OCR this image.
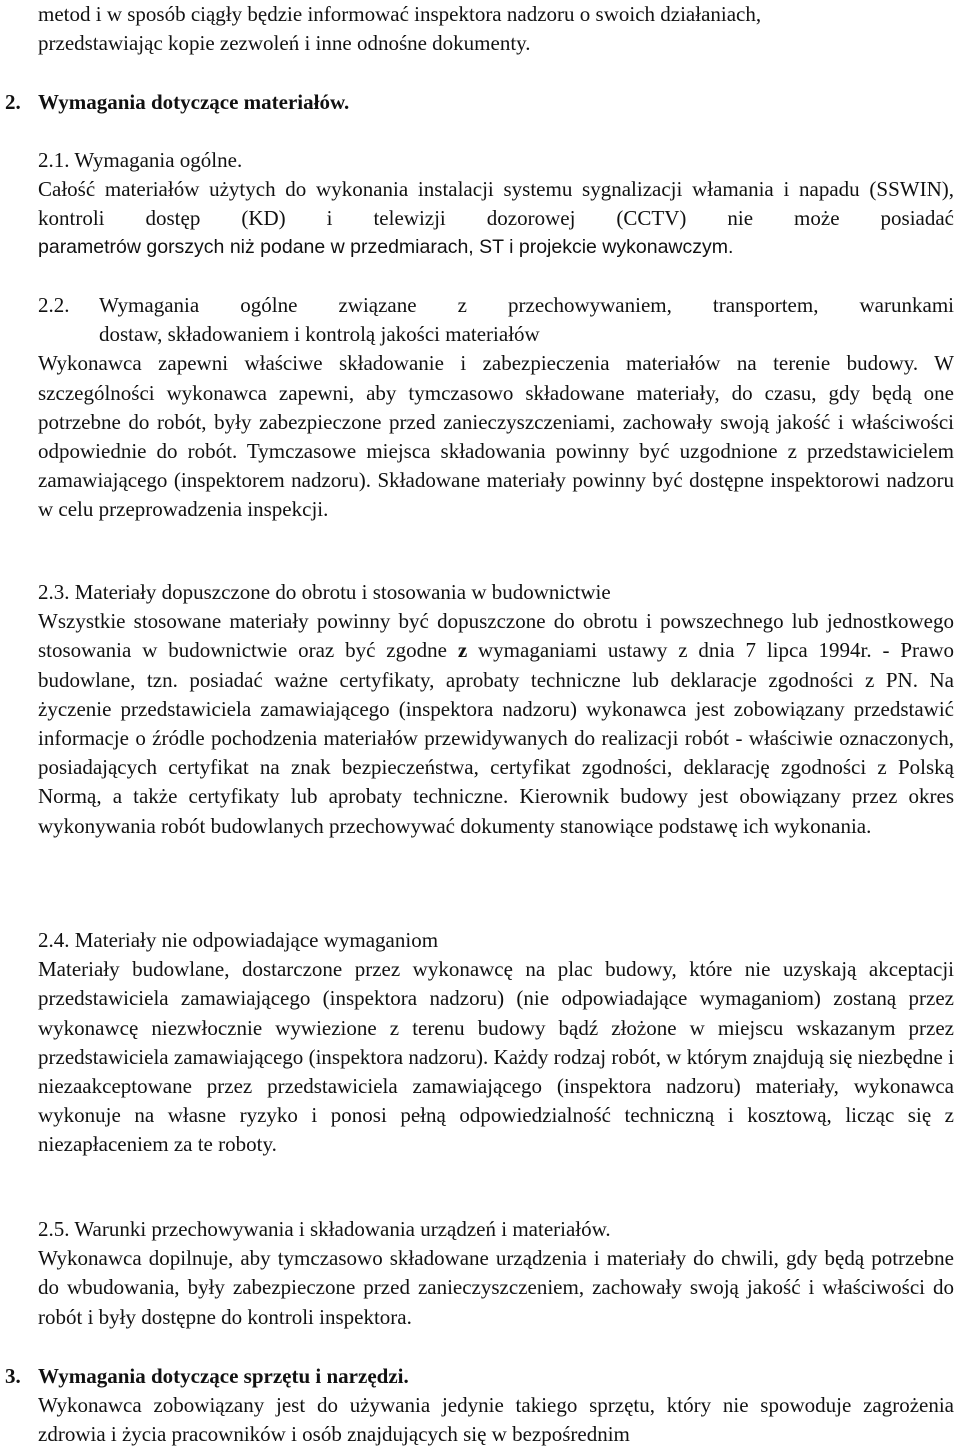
metod i w sposób ciągły będzie informować inspektora nadzoru o swoich działaniach,

przedstawiając kopie zezwoleń i inne odnośne dokumenty.

2. Wymagania dotyczące materiałów.

2.1. Wymagania ogólne.

Całość materiałów użytych do wykonania instalacji systemu sygnalizacji włamania i napadu (SSWIN), kontroli dostęp (KD) i telewizji dozorowej (CCTV) nie może posiadać

parametrów gorszych niż podane w przedmiarach, ST i projekcie wykonawczym.

2.2. Wymagania ogólne związane z przechowywaniem, transportem, warunkami

dostaw, składowaniem i kontrolą jakości materiałów

Wykonawca zapewni właściwe składowanie i zabezpieczenia materiałów na terenie budowy. W szczególności wykonawca zapewni, aby tymczasowo składowane materiały, do czasu, gdy będą one potrzebne do robót, były zabezpieczone przed zanieczyszczeniami, zachowały swoją jakość i właściwości odpowiednie do robót. Tymczasowe miejsca składowania powinny być uzgodnione z przedstawicielem zamawiającego (inspektorem nadzoru). Składowane materiały powinny być dostępne inspektorowi nadzoru w celu przeprowadzenia inspekcji.

2.3. Materiały dopuszczone do obrotu i stosowania w budownictwie

Wszystkie stosowane materiały powinny być dopuszczone do obrotu i powszechnego lub jednostkowego stosowania w budownictwie oraz być zgodne z wymaganiami ustawy z dnia 7 lipca 1994r. - Prawo budowlane, tzn. posiadać ważne certyfikaty, aprobaty techniczne lub deklaracje zgodności z PN. Na życzenie przedstawiciela zamawiającego (inspektora nadzoru) wykonawca jest zobowiązany przedstawić informacje o źródle pochodzenia materiałów przewidywanych do realizacji robót - właściwie oznaczonych, posiadających certyfikat na znak bezpieczeństwa, certyfikat zgodności, deklarację zgodności z Polską Normą, a także certyfikaty lub aprobaty techniczne. Kierownik budowy jest obowiązany przez okres wykonywania robót budowlanych przechowywać dokumenty stanowiące podstawę ich wykonania.

2.4. Materiały nie odpowiadające wymaganiom

Materiały budowlane, dostarczone przez wykonawcę na plac budowy, które nie uzyskają akceptacji przedstawiciela zamawiającego (inspektora nadzoru) (nie odpowiadające wymaganiom) zostaną przez wykonawcę niezwłocznie wywiezione z terenu budowy bądź złożone w miejscu wskazanym przez przedstawiciela zamawiającego (inspektora nadzoru). Każdy rodzaj robót, w którym znajdują się niezbędne i niezaakceptowane przez przedstawiciela zamawiającego (inspektora nadzoru) materiały, wykonawca wykonuje na własne ryzyko i ponosi pełną odpowiedzialność techniczną i kosztową, licząc się z niezapłaceniem za te roboty.

2.5. Warunki przechowywania i składowania urządzeń i materiałów.

Wykonawca dopilnuje, aby tymczasowo składowane urządzenia i materiały do chwili, gdy będą potrzebne do wbudowania, były zabezpieczone przed zanieczyszczeniem, zachowały swoją jakość i właściwości do robót i były dostępne do kontroli inspektora.

3. Wymagania dotyczące sprzętu i narzędzi.

Wykonawca zobowiązany jest do używania jedynie takiego sprzętu, który nie spowoduje zagrożenia zdrowia i życia pracowników i osób znajdujących się w bezpośrednim
